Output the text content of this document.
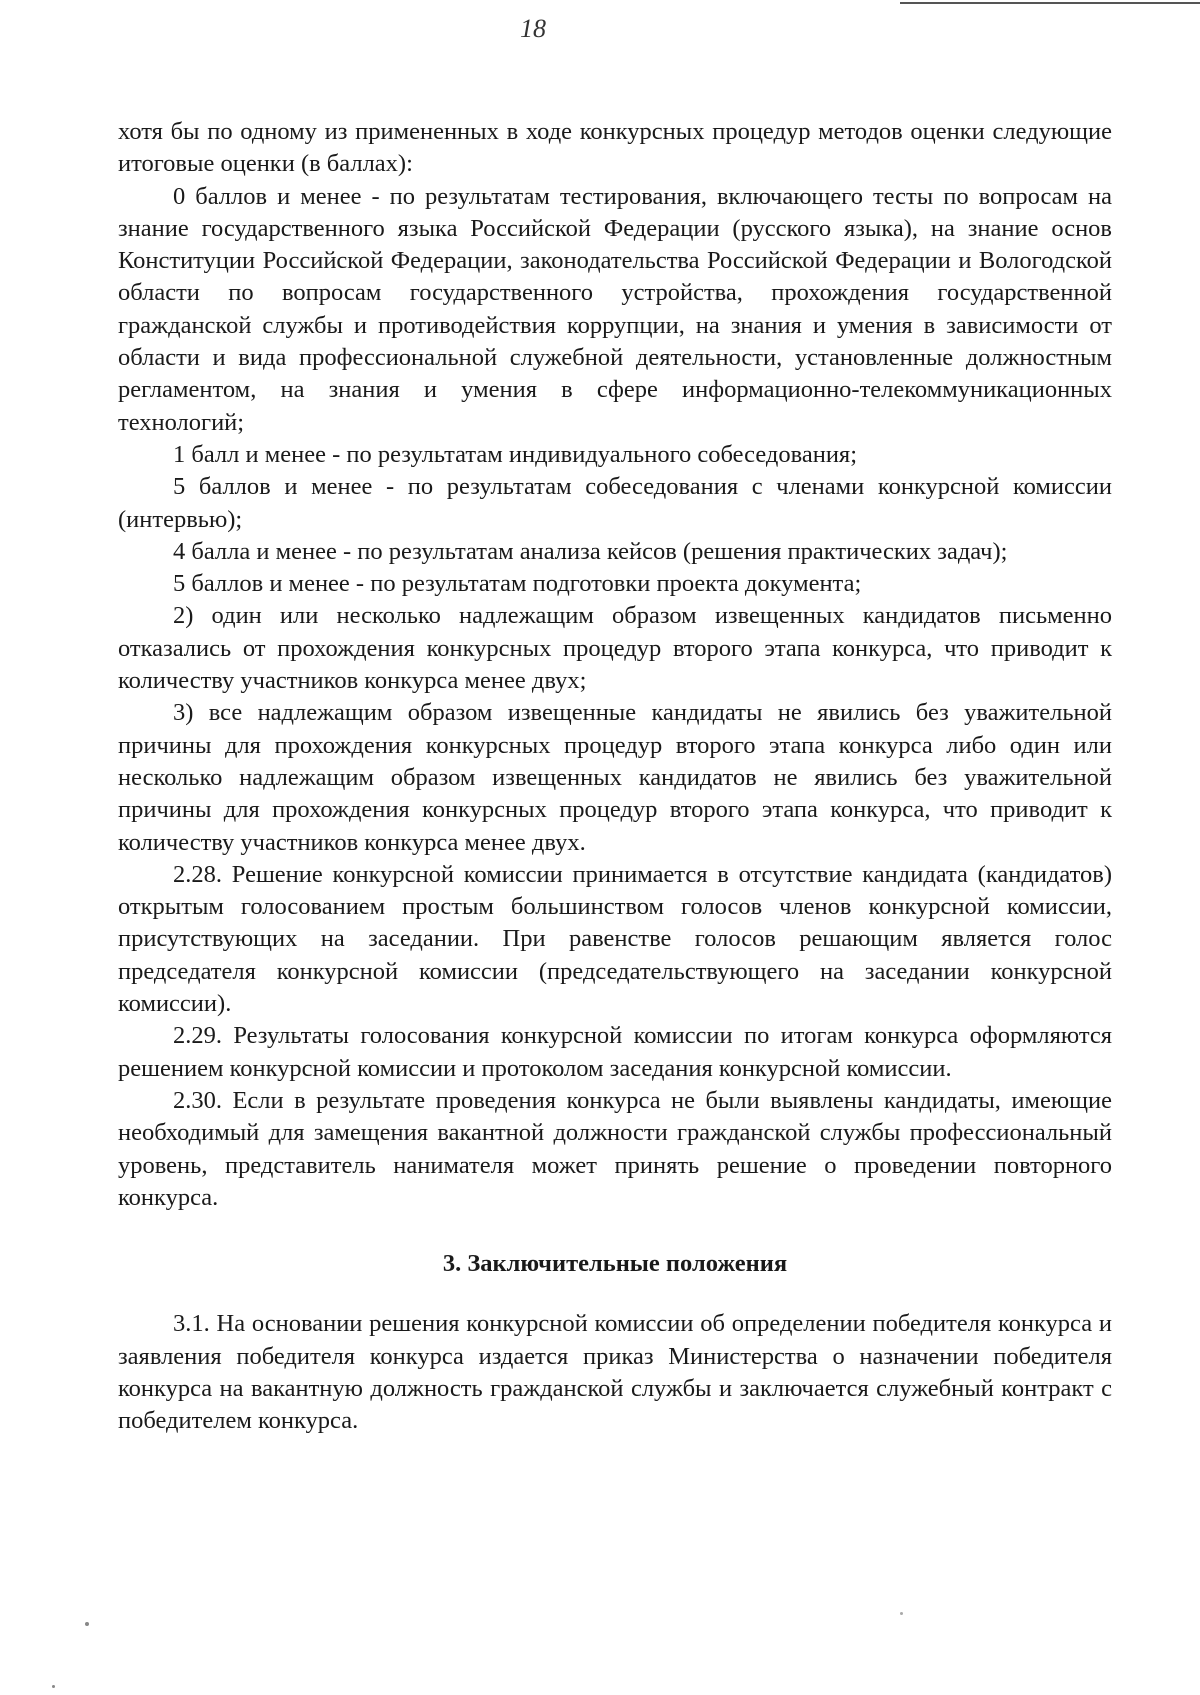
18

хотя бы по одному из примененных в ходе конкурсных процедур методов оценки следующие итоговые оценки (в баллах):

0 баллов и менее - по результатам тестирования, включающего тесты по вопросам на знание государственного языка Российской Федерации (русского языка), на знание основ Конституции Российской Федерации, законодательства Российской Федерации и Вологодской области по вопросам государственного устройства, прохождения государственной гражданской службы и противодействия коррупции, на знания и умения в зависимости от области и вида профессиональной служебной деятельности, установленные должностным регламентом, на знания и умения в сфере информационно-телекоммуникационных технологий;

1 балл и менее - по результатам индивидуального собеседования;

5 баллов и менее - по результатам собеседования с членами конкурсной комиссии (интервью);

4 балла и менее - по результатам анализа кейсов (решения практических задач);

5 баллов и менее - по результатам подготовки проекта документа;

2) один или несколько надлежащим образом извещенных кандидатов письменно отказались от прохождения конкурсных процедур второго этапа конкурса, что приводит к количеству участников конкурса менее двух;

3) все надлежащим образом извещенные кандидаты не явились без уважительной причины для прохождения конкурсных процедур второго этапа конкурса либо один или несколько надлежащим образом извещенных кандидатов не явились без уважительной причины для прохождения конкурсных процедур второго этапа конкурса, что приводит к количеству участников конкурса менее двух.

2.28. Решение конкурсной комиссии принимается в отсутствие кандидата (кандидатов) открытым голосованием простым большинством голосов членов конкурсной комиссии, присутствующих на заседании. При равенстве голосов решающим является голос председателя конкурсной комиссии (председательствующего на заседании конкурсной комиссии).

2.29. Результаты голосования конкурсной комиссии по итогам конкурса оформляются решением конкурсной комиссии и протоколом заседания конкурсной комиссии.

2.30. Если в результате проведения конкурса не были выявлены кандидаты, имеющие необходимый для замещения вакантной должности гражданской службы профессиональный уровень, представитель нанимателя может принять решение о проведении повторного конкурса.

3. Заключительные положения

3.1. На основании решения конкурсной комиссии об определении победителя конкурса и заявления победителя конкурса издается приказ Министерства о назначении победителя конкурса на вакантную должность гражданской службы и заключается служебный контракт с победителем конкурса.
